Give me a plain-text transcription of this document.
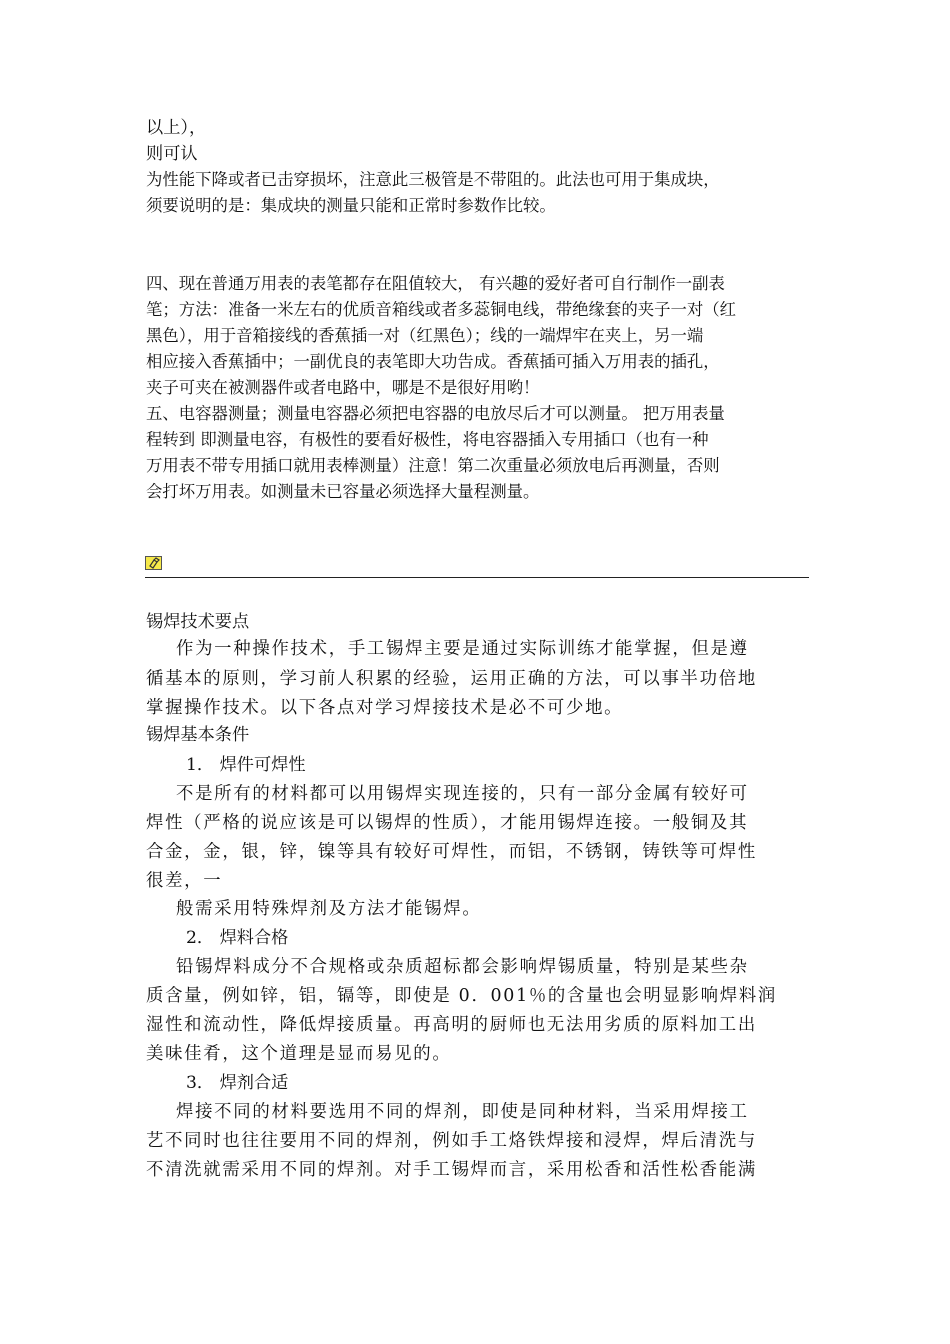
以上），

则可认

为性能下降或者已击穿损坏，注意此三极管是不带阻的。此法也可用于集成块，

须要说明的是：集成块的测量只能和正常时参数作比较。

四、现在普通万用表的表笔都存在阻值较大， 有兴趣的爱好者可自行制作一副表

笔；方法：准备一米左右的优质音箱线或者多蕊铜电线，带绝缘套的夹子一对（红

黑色），用于音箱接线的香蕉插一对（红黑色）；线的一端焊牢在夹上，另一端

相应接入香蕉插中；一副优良的表笔即大功告成。香蕉插可插入万用表的插孔，

夹子可夹在被测器件或者电路中，哪是不是很好用哟！

五、电容器测量；测量电容器必须把电容器的电放尽后才可以测量。 把万用表量

程转到 即测量电容，有极性的要看好极性，将电容器插入专用插口（也有一种

万用表不带专用插口就用表棒测量）注意！第二次重量必须放电后再测量，否则

会打坏万用表。如测量未已容量必须选择大量程测量。

锡焊技术要点

作为一种操作技术，手工锡焊主要是通过实际训练才能掌握，但是遵

循基本的原则，学习前人积累的经验，运用正确的方法，可以事半功倍地

掌握操作技术。以下各点对学习焊接技术是必不可少地。

锡焊基本条件

1． 焊件可焊性

不是所有的材料都可以用锡焊实现连接的，只有一部分金属有较好可

焊性（严格的说应该是可以锡焊的性质），才能用锡焊连接。一般铜及其

合金，金，银，锌，镍等具有较好可焊性，而铝，不锈钢，铸铁等可焊性

很差，一

般需采用特殊焊剂及方法才能锡焊。

2． 焊料合格

铅锡焊料成分不合规格或杂质超标都会影响焊锡质量，特别是某些杂

质含量，例如锌，铝，镉等，即使是 0．001％的含量也会明显影响焊料润

湿性和流动性，降低焊接质量。再高明的厨师也无法用劣质的原料加工出

美味佳肴，这个道理是显而易见的。

3． 焊剂合适

焊接不同的材料要选用不同的焊剂，即使是同种材料，当采用焊接工

艺不同时也往往要用不同的焊剂，例如手工烙铁焊接和浸焊，焊后清洗与

不清洗就需采用不同的焊剂。对手工锡焊而言，采用松香和活性松香能满
